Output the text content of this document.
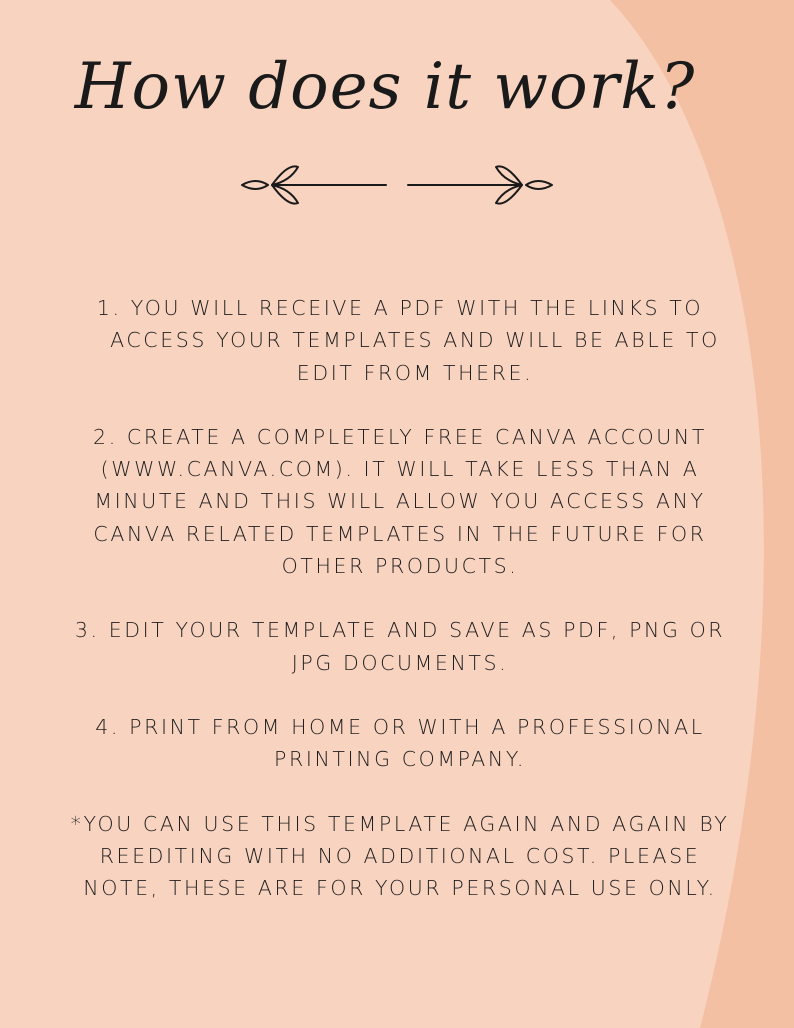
How does it work?
1. YOU WILL RECEIVE A PDF WITH THE LINKS TO ACCESS YOUR TEMPLATES AND WILL BE ABLE TO EDIT FROM THERE.
2. CREATE A COMPLETELY FREE CANVA ACCOUNT (WWW.CANVA.COM). IT WILL TAKE LESS THAN A MINUTE AND THIS WILL ALLOW YOU ACCESS ANY CANVA RELATED TEMPLATES IN THE FUTURE FOR OTHER PRODUCTS.
3. EDIT YOUR TEMPLATE AND SAVE AS PDF, PNG OR JPG DOCUMENTS.
4. PRINT FROM HOME OR WITH A PROFESSIONAL PRINTING COMPANY.
*YOU CAN USE THIS TEMPLATE AGAIN AND AGAIN BY REEDITING WITH NO ADDITIONAL COST. PLEASE NOTE, THESE ARE FOR YOUR PERSONAL USE ONLY.
